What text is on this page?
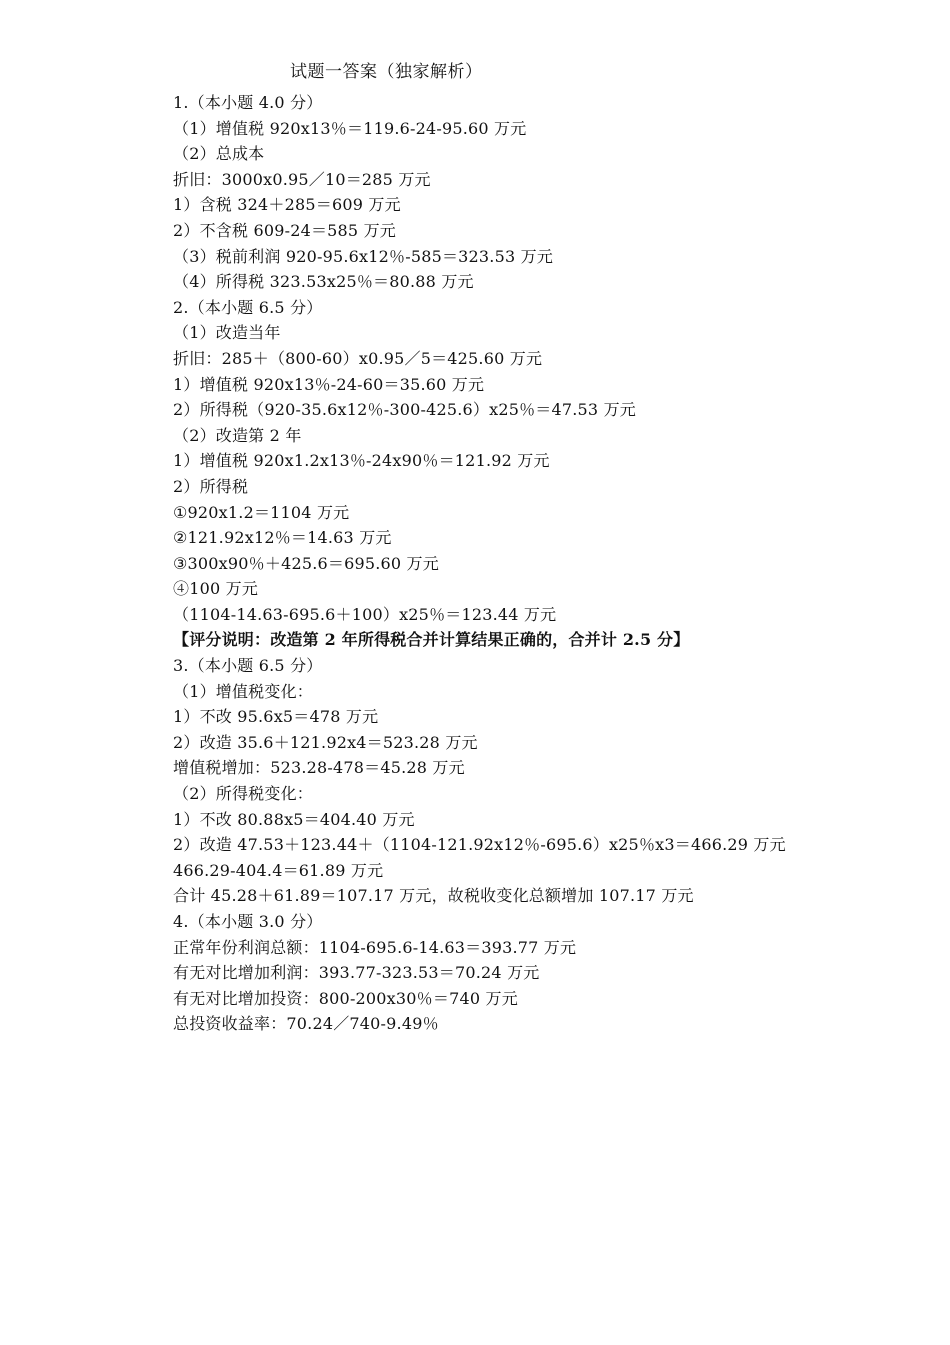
试题一答案（独家解析）
1.（本小题 4.0 分）
（1）增值税 920x13％＝119.6-24-95.60 万元
（2）总成本
折旧：3000x0.95／10＝285 万元
1）含税 324＋285＝609 万元
2）不含税 609-24＝585 万元
（3）税前利润 920-95.6x12％-585＝323.53 万元
（4）所得税 323.53x25％＝80.88 万元
2.（本小题 6.5 分）
（1）改造当年
折旧：285＋（800-60）x0.95／5＝425.60 万元
1）增值税 920x13％-24-60＝35.60 万元
2）所得税（920-35.6x12％-300-425.6）x25％＝47.53 万元
（2）改造第 2 年
1）增值税 920x1.2x13％-24x90％＝121.92 万元
2）所得税
①920x1.2＝1104 万元
②121.92x12％＝14.63 万元
③300x90％＋425.6＝695.60 万元
④100 万元
（1104-14.63-695.6＋100）x25％＝123.44 万元
【评分说明：改造第 2 年所得税合并计算结果正确的，合并计 2.5 分】
3.（本小题 6.5 分）
（1）增值税变化：
1）不改 95.6x5＝478 万元
2）改造 35.6＋121.92x4＝523.28 万元
增值税增加：523.28-478＝45.28 万元
（2）所得税变化：
1）不改 80.88x5＝404.40 万元
2）改造 47.53＋123.44＋（1104-121.92x12％-695.6）x25％x3＝466.29 万元
466.29-404.4＝61.89 万元
合计 45.28＋61.89＝107.17 万元，故税收变化总额增加 107.17 万元
4.（本小题 3.0 分）
正常年份利润总额：1104-695.6-14.63＝393.77 万元
有无对比增加利润：393.77-323.53＝70.24 万元
有无对比增加投资：800-200x30％＝740 万元
总投资收益率：70.24／740-9.49％
